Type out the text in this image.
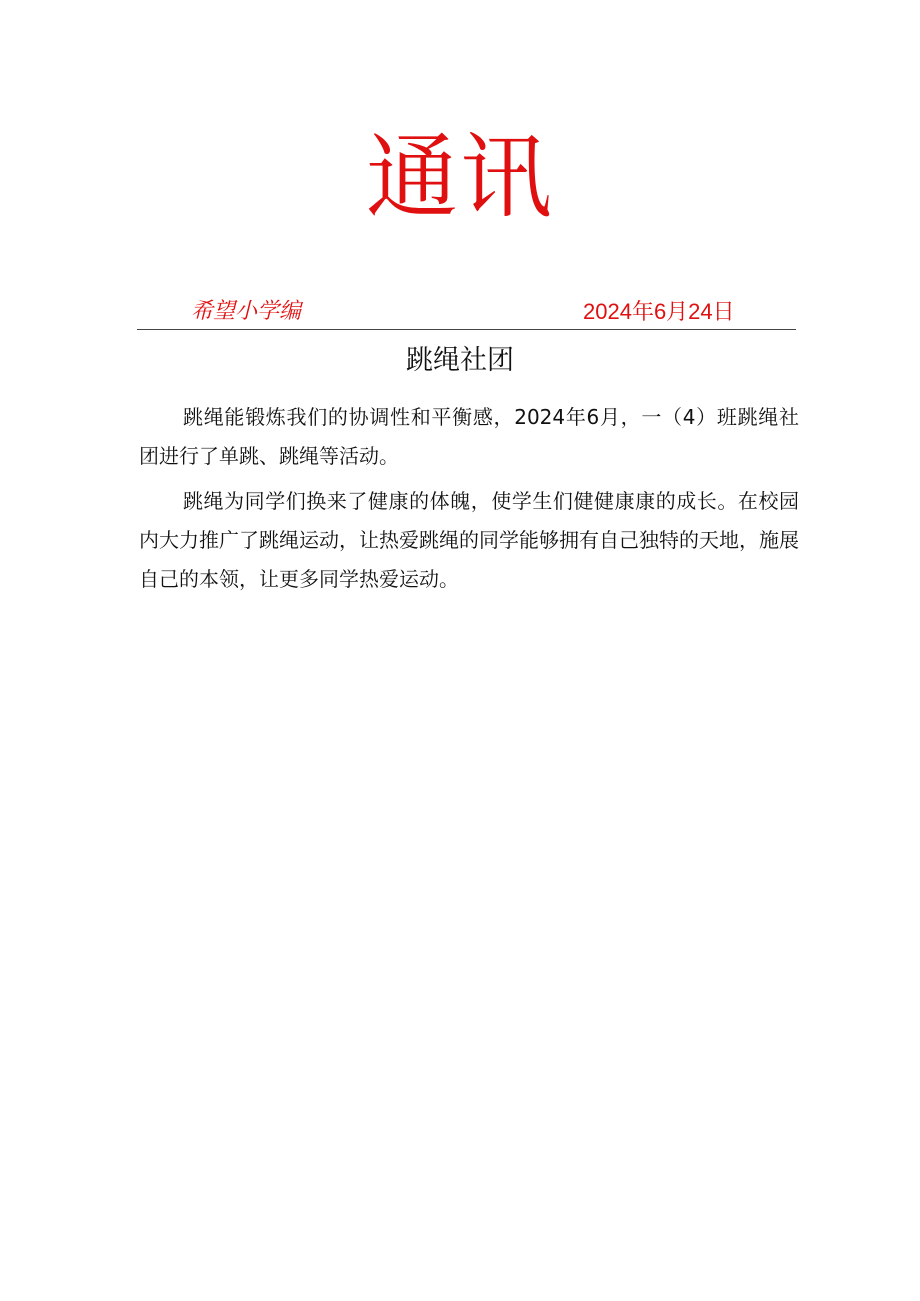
通讯
希望小学编	2024年6月24日
跳绳社团

跳绳能锻炼我们的协调性和平衡感，2024年6月，一（4）班跳绳社团进行了单跳、跳绳等活动。

跳绳为同学们换来了健康的体魄，使学生们健健康康的成长。在校园内大力推广了跳绳运动，让热爱跳绳的同学能够拥有自己独特的天地，施展自己的本领，让更多同学热爱运动。
